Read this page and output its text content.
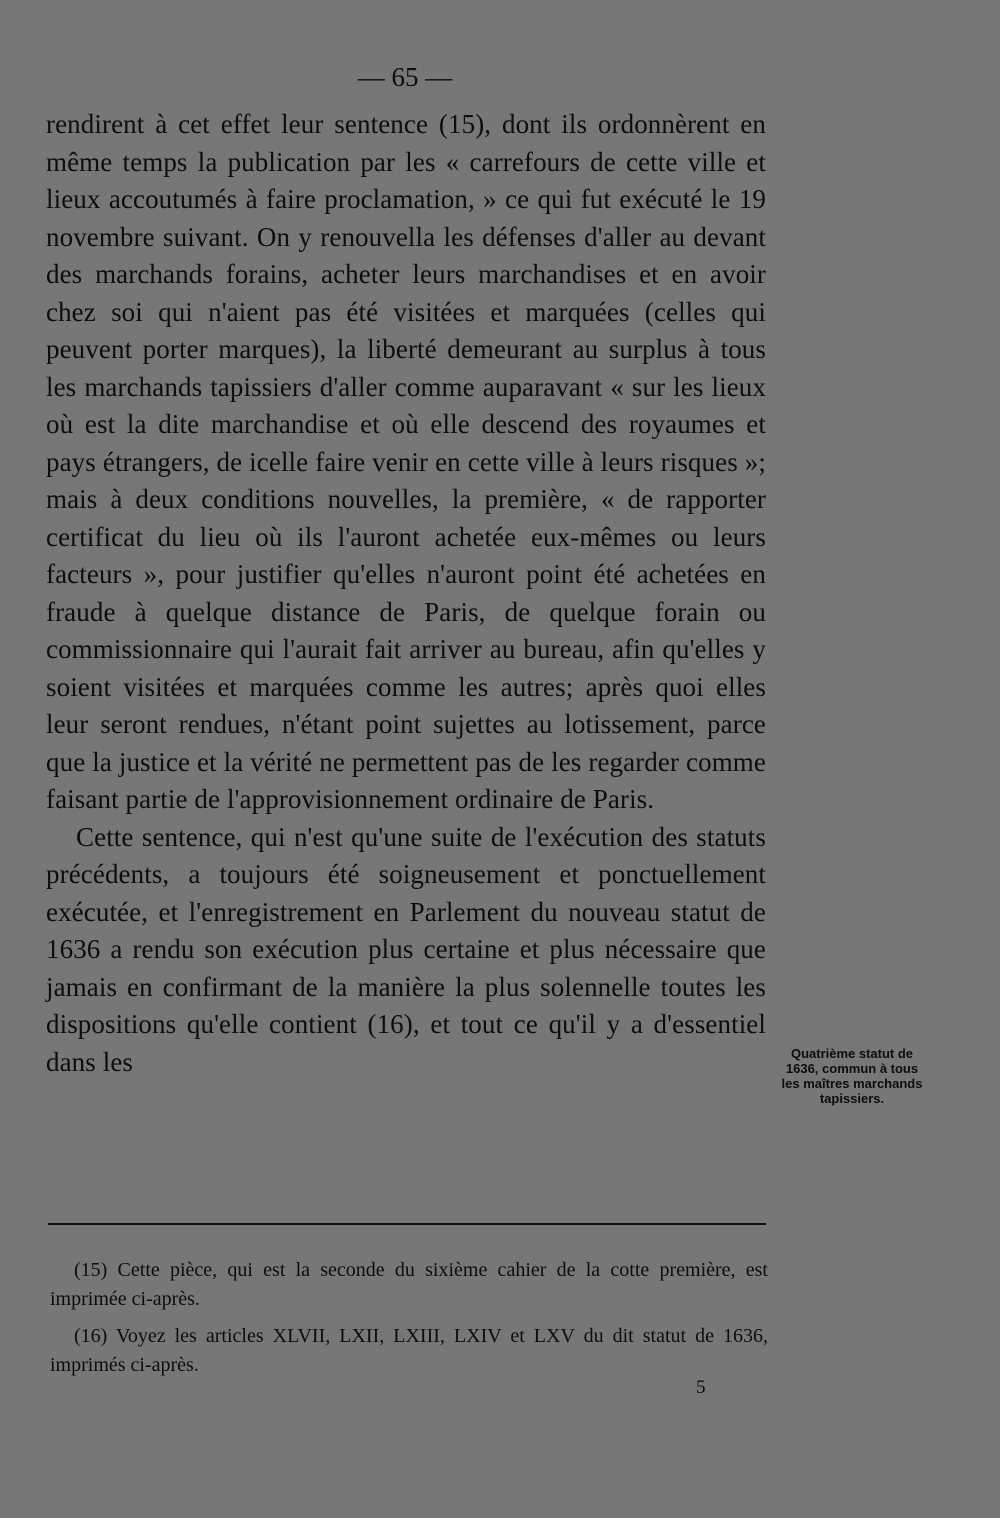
— 65 —

rendirent à cet effet leur sentence (15), dont ils ordonnèrent en même temps la publication par les « carrefours de cette ville et lieux accoutumés à faire proclamation, » ce qui fut exécuté le 19 novembre suivant. On y renouvella les défenses d'aller au devant des marchands forains, acheter leurs marchandises et en avoir chez soi qui n'aient pas été visitées et marquées (celles qui peuvent porter marques), la liberté demeurant au surplus à tous les marchands tapissiers d'aller comme auparavant « sur les lieux où est la dite marchandise et où elle descend des royaumes et pays étrangers, de icelle faire venir en cette ville à leurs risques »; mais à deux conditions nouvelles, la première, « de rapporter certificat du lieu où ils l'auront achetée eux-mêmes ou leurs facteurs », pour justifier qu'elles n'auront point été achetées en fraude à quelque distance de Paris, de quelque forain ou commissionnaire qui l'aurait fait arriver au bureau, afin qu'elles y soient visitées et marquées comme les autres; après quoi elles leur seront rendues, n'étant point sujettes au lotissement, parce que la justice et la vérité ne permettent pas de les regarder comme faisant partie de l'approvisionnement ordinaire de Paris.

Cette sentence, qui n'est qu'une suite de l'exécution des statuts précédents, a toujours été soigneusement et ponctuellement exécutée, et l'enregistrement en Parlement du nouveau statut de 1636 a rendu son exécution plus certaine et plus nécessaire que jamais en confirmant de la manière la plus solennelle toutes les dispositions qu'elle contient (16), et tout ce qu'il y a d'essentiel dans les	Quatrième statut de 1636, commun à tous les maîtres marchands tapissiers.

(15) Cette pièce, qui est la seconde du sixième cahier de la cotte première, est imprimée ci-après.

(16) Voyez les articles XLVII, LXII, LXIII, LXIV et LXV du dit statut de 1636, imprimés ci-après.

5
